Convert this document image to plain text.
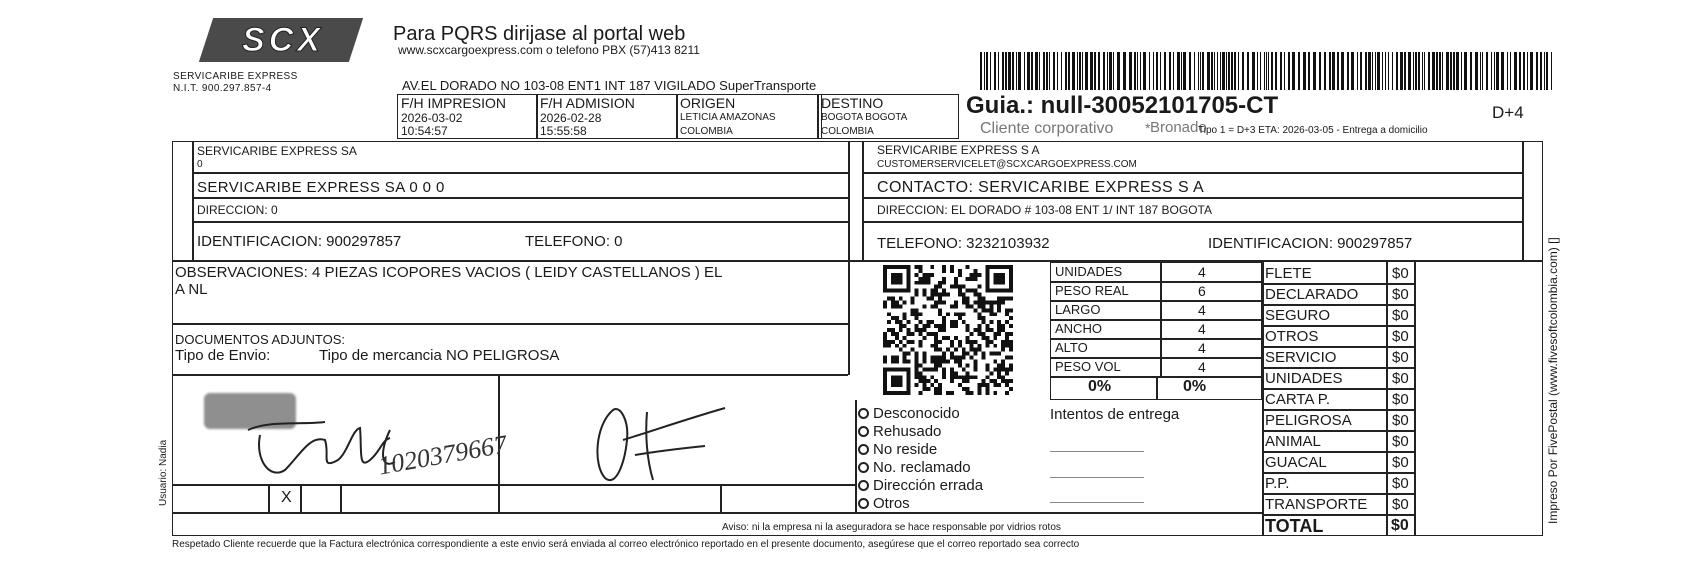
SCX
SERVICARIBE EXPRESS
N.I.T. 900.297.857-4
Para PQRS dirijase al portal web
www.scxcargoexpress.com o telefono PBX (57)413 8211
AV.EL DORADO NO 103-08 ENT1 INT 187 VIGILADO SuperTransporte
F/H IMPRESION
2026-03-02
10:54:57
F/H ADMISION
2026-02-28
15:55:58
ORIGEN
LETICIA AMAZONAS
COLOMBIA
DESTINO
BOGOTA BOGOTA
COLOMBIA
Guia.: null-30052101705-CT	D+4
Cliente corporativo * Bronado
Tipo 1 = D+3 ETA: 2026-03-05 - Entrega a domicilio
SERVICARIBE EXPRESS SA
0
SERVICARIBE EXPRESS SA 0 0 0
DIRECCION: 0
IDENTIFICACION: 900297857	TELEFONO: 0
SERVICARIBE EXPRESS S A
CUSTOMERSERVICELET@SCXCARGOEXPRESS.COM
CONTACTO: SERVICARIBE EXPRESS S A
DIRECCION: EL DORADO # 103-08 ENT 1/ INT 187 BOGOTA
TELEFONO: 3232103932	IDENTIFICACION: 900297857
OBSERVACIONES: 4 PIEZAS ICOPORES VACIOS ( LEIDY CASTELLANOS ) EL
A NL
DOCUMENTOS ADJUNTOS:
Tipo de Envio:	Tipo de mercancia NO PELIGROSA
UNIDADES	4
PESO REAL	6
LARGO	4
ANCHO	4
ALTO	4
PESO VOL	4
0%	0%
FLETE	$0
DECLARADO $0
SEGURO	$0
OTROS	$0
SERVICIO	$0
UNIDADES	$0
CARTA P.	$0
PELIGROSA	$0
ANIMAL	$0
GUACAL	$0
P.P.	$0
TRANSPORTE $0
TOTAL	$0
Desconocido
Rehusado
No reside
No. reclamado
Dirección errada
Otros
Intentos de entrega
X
1020379667
Aviso: ni la empresa ni la aseguradora se hace responsable por vidrios rotos
Respetado Cliente recuerde que la Factura electrónica correspondiente a este envio será enviada al correo electrónico reportado en el presente documento, asegúrese que el correo reportado sea correcto
Usuario: Nadia	Impreso Por FivePostal (www.fivesoftcolombia.com) []
